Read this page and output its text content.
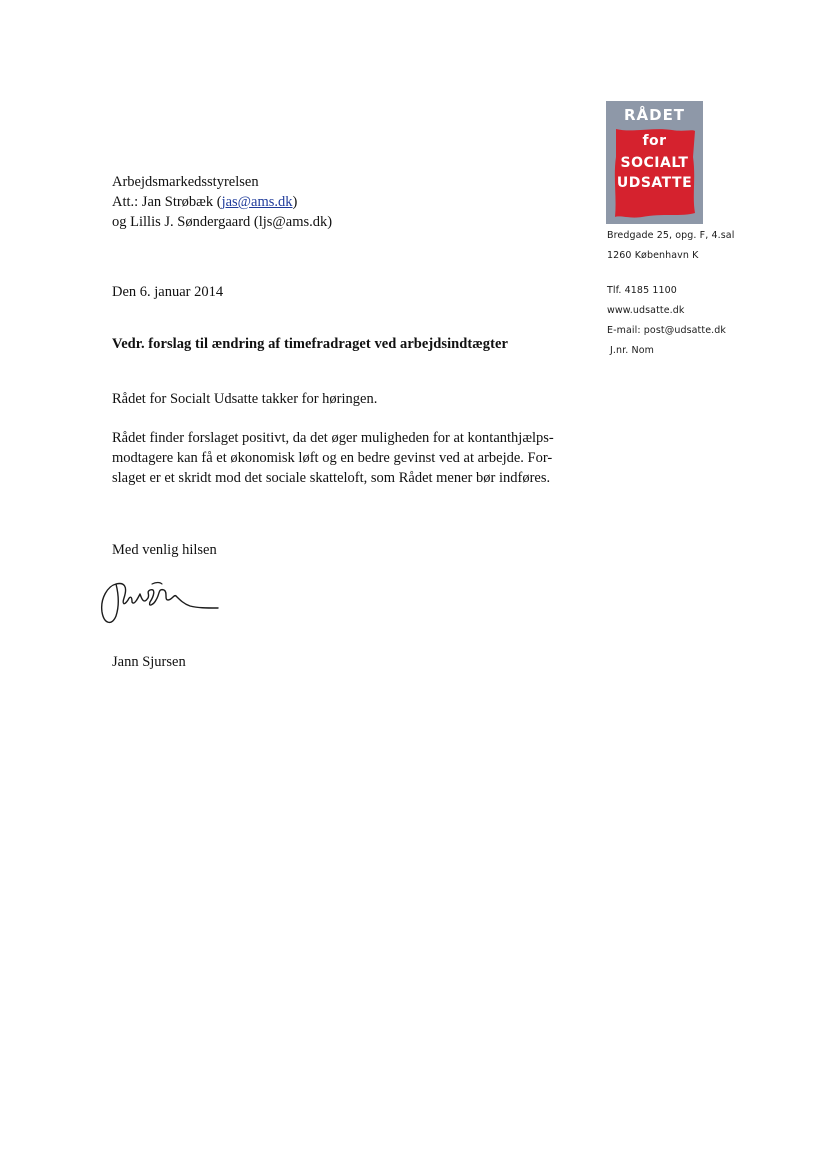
RÅDET
for
SOCIALT
UDSATTE
Bredgade 25, opg. F, 4.sal
1260 København K
Tlf. 4185 1100
www.udsatte.dk
E-mail: post@udsatte.dk
J.nr. Nom
Arbejdsmarkedsstyrelsen
Att.: Jan Strøbæk (jas@ams.dk)
og Lillis J. Søndergaard (ljs@ams.dk)
Den 6. januar 2014
Vedr. forslag til ændring af timefradraget ved arbejdsindtægter
Rådet for Socialt Udsatte takker for høringen.
Rådet finder forslaget positivt, da det øger muligheden for at kontanthjælps-
modtagere kan få et økonomisk løft og en bedre gevinst ved at arbejde. For-
slaget er et skridt mod det sociale skatteloft, som Rådet mener bør indføres.
Med venlig hilsen
Jann Sjursen
